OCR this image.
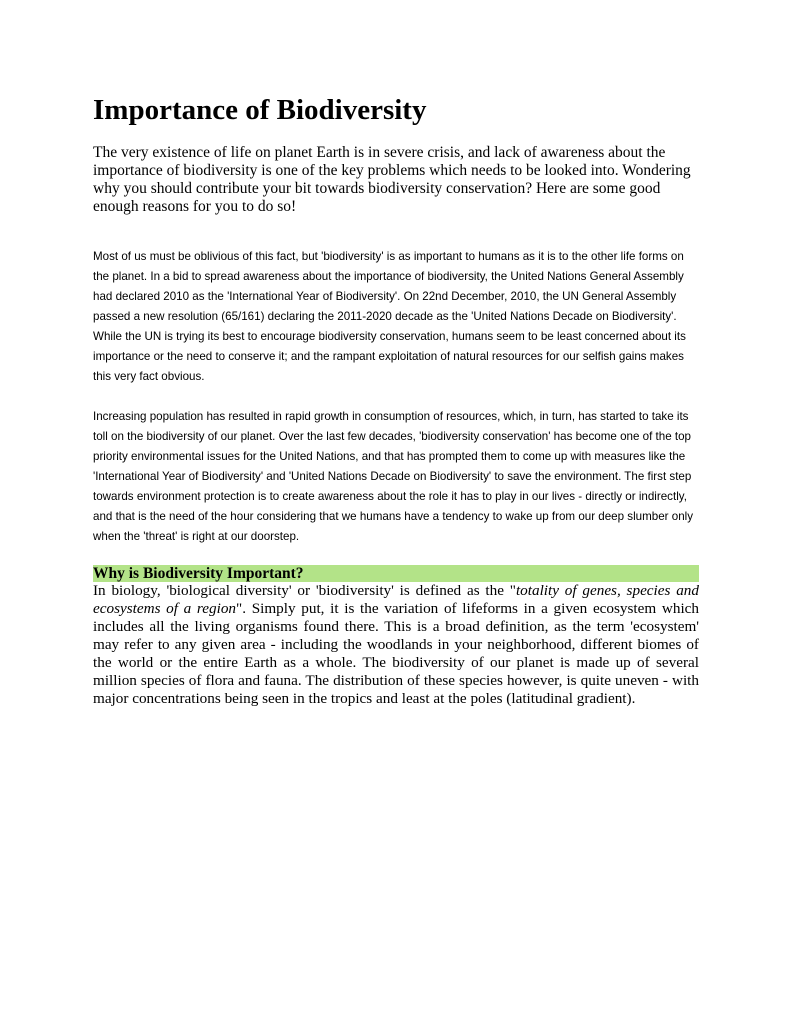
Importance of Biodiversity

The very existence of life on planet Earth is in severe crisis, and lack of awareness about the importance of biodiversity is one of the key problems which needs to be looked into. Wondering why you should contribute your bit towards biodiversity conservation? Here are some good enough reasons for you to do so!

Most of us must be oblivious of this fact, but 'biodiversity' is as important to humans as it is to the other life forms on the planet. In a bid to spread awareness about the importance of biodiversity, the United Nations General Assembly had declared 2010 as the 'International Year of Biodiversity'. On 22nd December, 2010, the UN General Assembly passed a new resolution (65/161) declaring the 2011-2020 decade as the 'United Nations Decade on Biodiversity'. While the UN is trying its best to encourage biodiversity conservation, humans seem to be least concerned about its importance or the need to conserve it; and the rampant exploitation of natural resources for our selfish gains makes this very fact obvious.

Increasing population has resulted in rapid growth in consumption of resources, which, in turn, has started to take its toll on the biodiversity of our planet. Over the last few decades, 'biodiversity conservation' has become one of the top priority environmental issues for the United Nations, and that has prompted them to come up with measures like the 'International Year of Biodiversity' and 'United Nations Decade on Biodiversity' to save the environment. The first step towards environment protection is to create awareness about the role it has to play in our lives - directly or indirectly, and that is the need of the hour considering that we humans have a tendency to wake up from our deep slumber only when the 'threat' is right at our doorstep.

Why is Biodiversity Important?

In biology, 'biological diversity' or 'biodiversity' is defined as the "totality of genes, species and ecosystems of a region". Simply put, it is the variation of lifeforms in a given ecosystem which includes all the living organisms found there. This is a broad definition, as the term 'ecosystem' may refer to any given area - including the woodlands in your neighborhood, different biomes of the world or the entire Earth as a whole. The biodiversity of our planet is made up of several million species of flora and fauna. The distribution of these species however, is quite uneven - with major concentrations being seen in the tropics and least at the poles (latitudinal gradient).
